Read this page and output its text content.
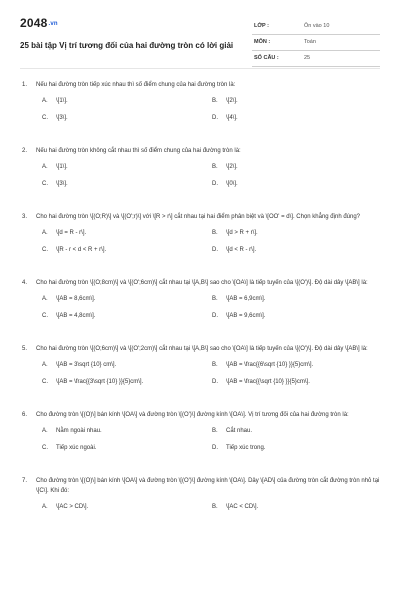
2048.vn
25 bài tập Vị trí tương đối của hai đường tròn có lời giải
LỚP :	Ôn vào 10
MÔN :	Toán
SỐ CÂU :	25
1. Nếu hai đường tròn tiếp xúc nhau thì số điểm chung của hai đường tròn là:
A. \[1\].	B. \[2\].
C. \[3\].	D. \[4\].
2. Nếu hai đường tròn không cắt nhau thì số điểm chung của hai đường tròn là:
A. \[1\].	B. \[2\].
C. \[3\].	D. \[0\].
3. Cho hai đường tròn \[(O;R)\] và \[(O';r)\] với \[R > r\] cắt nhau tại hai điểm phân biệt và \[OO' = d\]. Chọn khẳng định đúng?
A. \[d = R - r\].	B. \[d > R + r\].
C. \[R - r < d < R + r\].	D. \[d < R - r\].
4. Cho hai đường tròn \[(O;8cm)\] và \[(O';6cm)\] cắt nhau tại \[A,B\] sao cho \[OA\] là tiếp tuyến của \[(O')\]. Độ dài dây \[AB\] là:
A. \[AB = 8,6cm\].	B. \[AB = 6,9cm\].
C. \[AB = 4,8cm\].	D. \[AB = 9,6cm\].
5. Cho hai đường tròn \[(O;6cm)\] và \[(O';2cm)\] cắt nhau tại \[A,B\] sao cho \[OA\] là tiếp tuyến của \[(O')\]. Độ dài dây \[AB\] là:
A. \[AB = 3\sqrt {10} cm\].	B. \[AB = \frac{{6\sqrt {10} }}{5}cm\].
C. \[AB = \frac{{3\sqrt {10} }}{5}cm\].	D. \[AB = \frac{{\sqrt {10} }}{5}cm\].
6. Cho đường tròn \[(O)\] bán kính \[OA\] và đường tròn \[(O')\] đường kính \[OA\]. Vị trí tương đối của hai đường tròn là:
A. Nằm ngoài nhau.	B. Cắt nhau.
C. Tiếp xúc ngoài.	D. Tiếp xúc trong.
7. Cho đường tròn \[(O)\] bán kính \[OA\] và đường tròn \[(O')\] đường kính \[OA\]. Dây \[AD\] của đường tròn cắt đường tròn nhỏ tại \[C\]. Khi đó:
A. \[AC > CD\].	B. \[AC < CD\].
